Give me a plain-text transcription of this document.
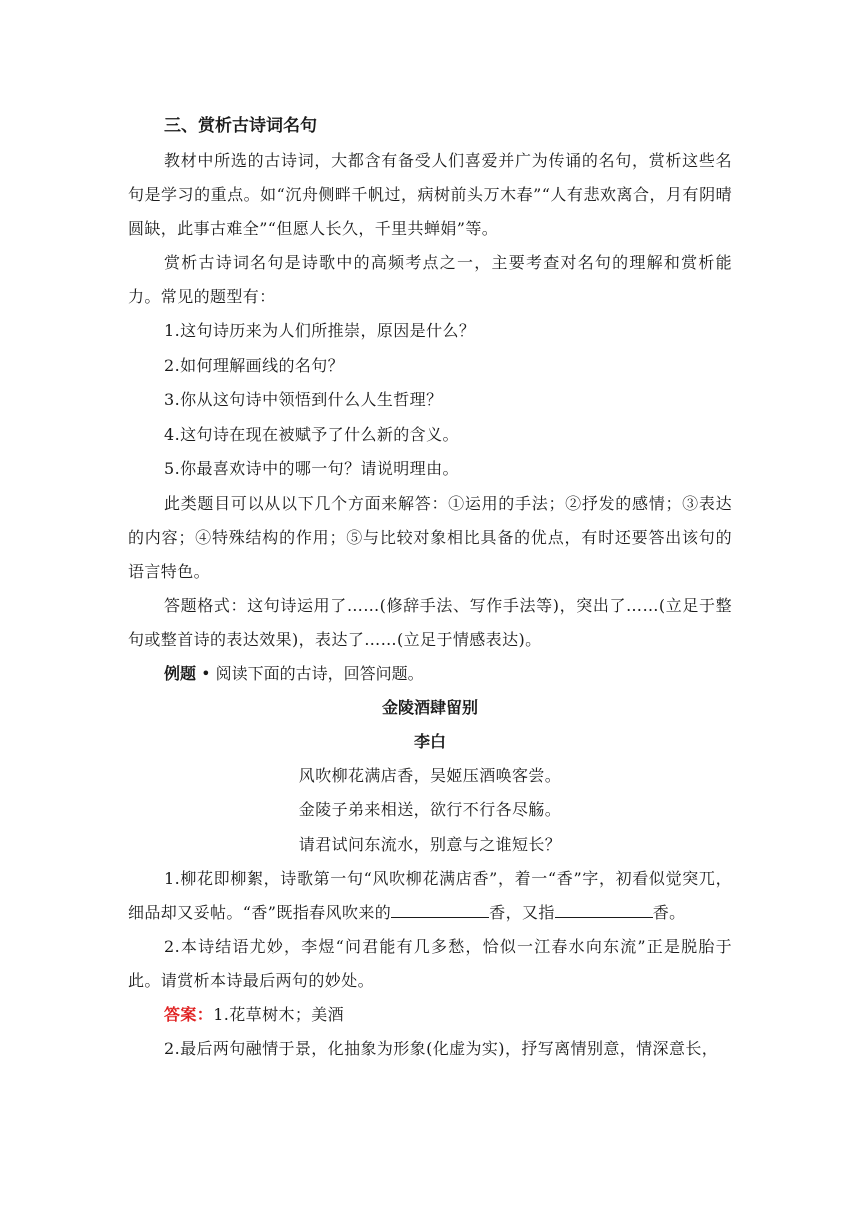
三、赏析古诗词名句

教材中所选的古诗词，大都含有备受人们喜爱并广为传诵的名句，赏析这些名句是学习的重点。如“沉舟侧畔千帆过，病树前头万木春”“人有悲欢离合，月有阴晴圆缺，此事古难全”“但愿人长久，千里共蝉娟”等。

赏析古诗词名句是诗歌中的高频考点之一，主要考查对名句的理解和赏析能力。常见的题型有：

1.这句诗历来为人们所推崇，原因是什么？

2.如何理解画线的名句？

3.你从这句诗中领悟到什么人生哲理？

4.这句诗在现在被赋予了什么新的含义。

5.你最喜欢诗中的哪一句？请说明理由。

此类题目可以从以下几个方面来解答：①运用的手法；②抒发的感情；③表达的内容；④特殊结构的作用；⑤与比较对象相比具备的优点，有时还要答出该句的语言特色。

答题格式：这句诗运用了……(修辞手法、写作手法等)，突出了……(立足于整句或整首诗的表达效果)，表达了……(立足于情感表达)。

例题 • 阅读下面的古诗，回答问题。

金陵酒肆留别

李白

风吹柳花满店香，吴姬压酒唤客尝。

金陵子弟来相送，欲行不行各尽觞。

请君试问东流水，别意与之谁短长？

1.柳花即柳絮，诗歌第一句“风吹柳花满店香”，着一“香”字，初看似觉突兀，细品却又妥帖。“香”既指春风吹来的	香，又指	香。

2.本诗结语尤妙，李煜“问君能有几多愁，恰似一江春水向东流”正是脱胎于此。请赏析本诗最后两句的妙处。

答案：1.花草树木；美酒

2.最后两句融情于景，化抽象为形象(化虚为实)，抒写离情别意，情深意长，
